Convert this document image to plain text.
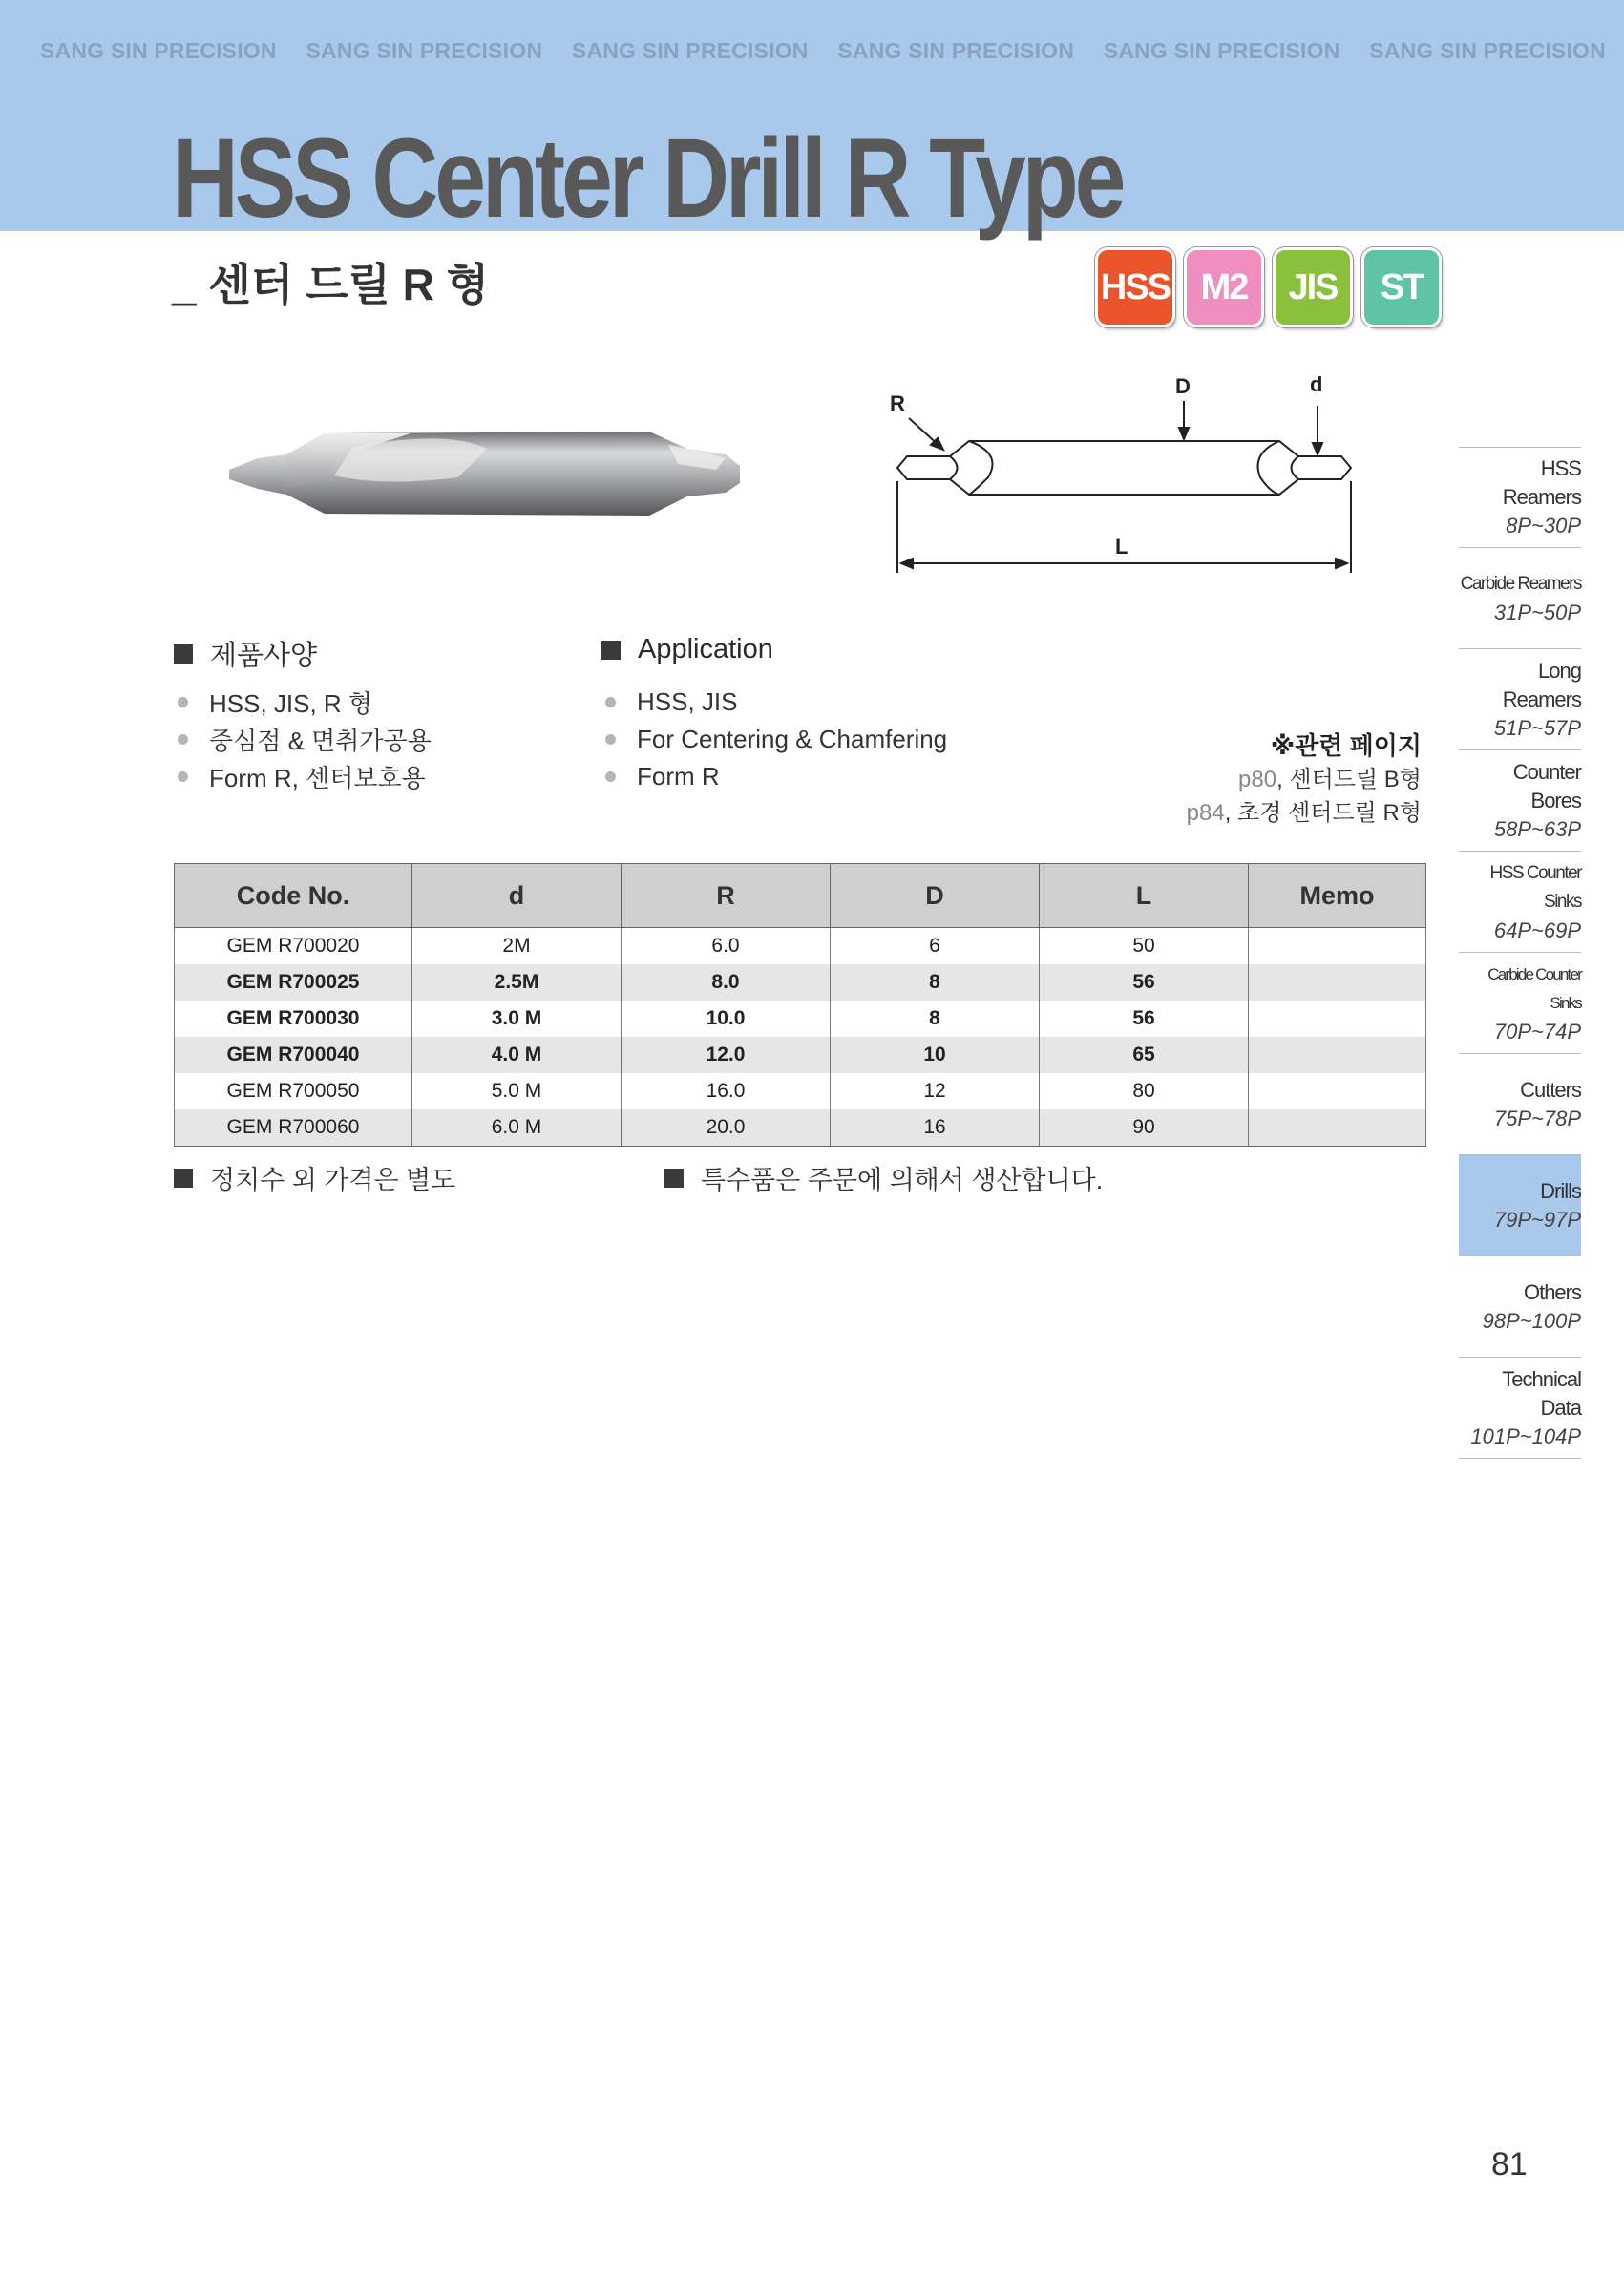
SANG SIN PRECISION SANG SIN PRECISION SANG SIN PRECISION SANG SIN PRECISION SANG SIN PRECISION SANG SIN PRECISION
HSS Center Drill R Type
_ 센터 드릴 R 형	HSS M2	JIS	ST
R
D	d
L
제품사양
HSS, JIS, R 형
중심점 & 면취가공용
Form R, 센터보호용
Application
HSS, JIS
For Centering & Chamfering
Form R
※관련 페이지
p80, 센터드릴 B형
p84, 초경 센터드릴 R형
Code No.	d	R	D	L	Memo
GEM R700020	2M	6.0	6	50	
GEM R700025	2.5M	8.0	8	56	
GEM R700030	3.0 M	10.0	8	56	
GEM R700040	4.0 M	12.0	10	65	
GEM R700050	5.0 M	16.0	12	80	
GEM R700060	6.0 M	20.0	16	90	
정치수 외 가격은 별도	특수품은 주문에 의해서 생산합니다.
HSS Reamers
8P~30P
Carbide Reamers
31P~50P
Long Reamers
51P~57P
Counter Bores
58P~63P
HSS Counter Sinks
64P~69P
Carbide Counter Sinks
70P~74P
Cutters
75P~78P
Drills
79P~97P
Others
98P~100P
Technical Data
101P~104P
81
